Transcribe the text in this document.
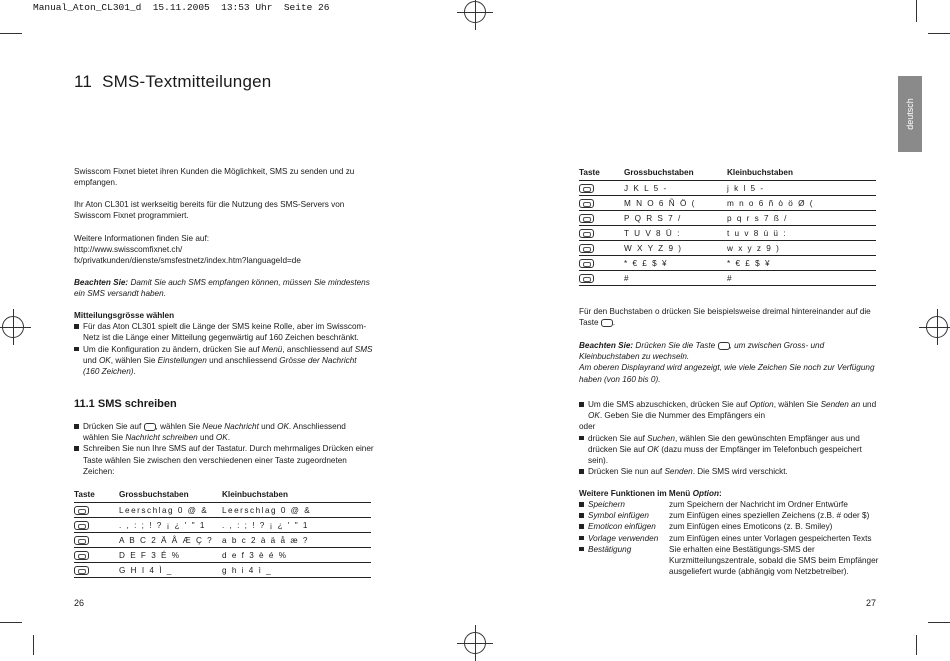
Manual_Aton_CL301_d  15.11.2005  13:53 Uhr  Seite 26
deutsch
11 SMS-Textmitteilungen
Swisscom Fixnet bietet ihren Kunden die Möglichkeit, SMS zu senden und zu empfangen.
Ihr Aton CL301 ist werkseitig bereits für die Nutzung des SMS-Servers von Swisscom Fixnet programmiert.
Weitere Informationen finden Sie auf:
http://www.swisscomfixnet.ch/
fx/privatkunden/dienste/smsfestnetz/index.htm?languageId=de
Beachten Sie: Damit Sie auch SMS empfangen können, müssen Sie mindestens ein SMS versandt haben.
Mitteilungsgrösse wählen
Für das Aton CL301 spielt die Länge der SMS keine Rolle, aber im Swisscom-Netz ist die Länge einer Mitteilung gegenwärtig auf 160 Zeichen beschränkt.
Um die Konfiguration zu ändern, drücken Sie auf Menü, anschliessend auf SMS und OK, wählen Sie Einstellungen und anschliessend Grösse der Nachricht (160 Zeichen).
11.1 SMS schreiben
Drücken Sie auf , wählen Sie Neue Nachricht und OK. Anschliessend wählen Sie Nachricht schreiben und OK.
Schreiben Sie nun Ihre SMS auf der Tastatur. Durch mehrmaliges Drücken einer Taste wählen Sie zwischen den verschiedenen einer Taste zugeordneten Zeichen:
Taste	Grossbuchstaben	Kleinbuchstaben
	Leerschlag 0 @ &	Leerschlag 0 @ &
	. , : ; ! ? ¡ ¿ ' " 1	. , : ; ! ? ¡ ¿ ' " 1
	A B C 2 Ä Å Æ Ç ?	a b c 2 à ä å æ ?
	D E F 3 É %	d e f 3 è é %
	G H I 4 Ì _	g h i 4 ì _
26
Taste	Grossbuchstaben	Kleinbuchstaben
	J K L 5 -	j k l 5 -
	M N O 6 Ñ Ö (	m n o 6 ñ ò ö Ø (
	P Q R S 7 /	p q r s 7 ß /
	T U V 8 Ü :	t u v 8 ù ü :
	W X Y Z 9 )	w x y z 9 )
	* € £ $ ¥	* € £ $ ¥
	#	#
Für den Buchstaben o drücken Sie beispielsweise dreimal hintereinander auf die Taste .
Beachten Sie: Drücken Sie die Taste , um zwischen Gross- und Kleinbuchstaben zu wechseln.
Am oberen Displayrand wird angezeigt, wie viele Zeichen Sie noch zur Verfügung haben (von 160 bis 0).
Um die SMS abzuschicken, drücken Sie auf Option, wählen Sie Senden an und OK. Geben Sie die Nummer des Empfängers ein
oder
drücken Sie auf Suchen, wählen Sie den gewünschten Empfänger aus und drücken Sie auf OK (dazu muss der Empfänger im Telefonbuch gespeichert sein).
Drücken Sie nun auf Senden. Die SMS wird verschickt.
Weitere Funktionen im Menü Option:
Speichern	zum Speichern der Nachricht im Ordner Entwürfe
Symbol einfügen	zum Einfügen eines speziellen Zeichens (z.B. # oder $)
Emoticon einfügen	zum Einfügen eines Emoticons (z. B. Smiley)
Vorlage verwenden	zum Einfügen eines unter Vorlagen gespeicherten Texts
Bestätigung	Sie erhalten eine Bestätigungs-SMS der Kurzmitteilungszentrale, sobald die SMS beim Empfänger ausgeliefert wurde (abhängig vom Netzbetreiber).
27
